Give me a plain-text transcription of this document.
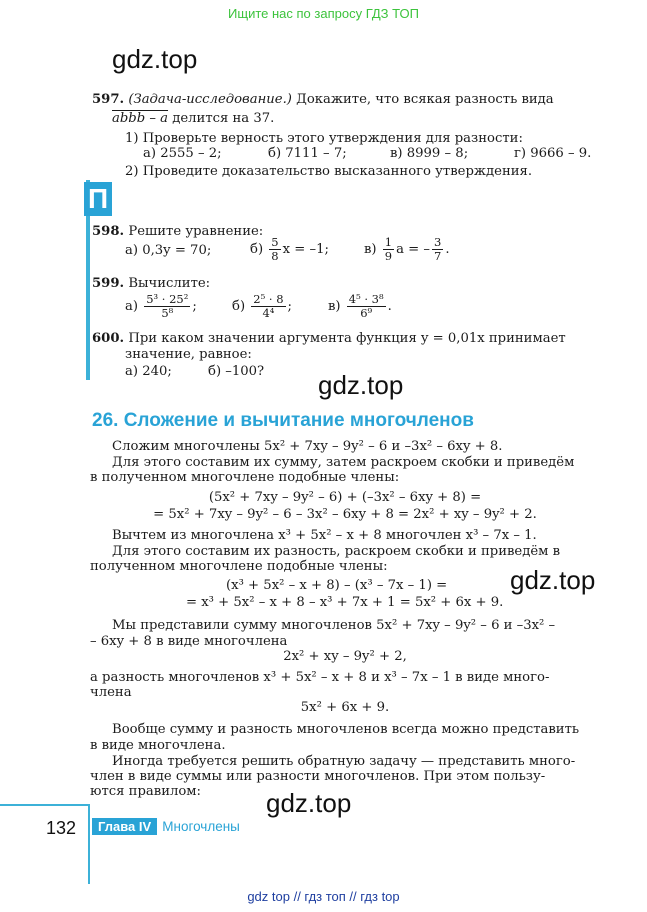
Ищите нас по запросу ГДЗ ТОП
gdz.top
597. (Задача-исследование.) Докажите, что всякая разность вида
abbb – a делится на 37.
1) Проверьте верность этого утверждения для разности:
а) 2555 – 2;	б) 7111 – 7;	в) 8999 – 8;	г) 9666 – 9.
2) Проведите доказательство высказанного утверждения.
П
598. Решите уравнение:
а) 0,3y = 70;	$б) \frac{5}{8}$ x = –1;	$в) \frac{1}{9}$ a = – $\frac{3}{7}$ .
599. Вычислите:
$а) \frac{\text{5³ · 25²}}{\text{5⁸}}$ ;	$б) \frac{\text{2⁵ · 8}}{\text{4⁴}}$ ;	$в) \frac{\text{4⁵ · 3⁸}}{\text{6⁹}}$ .
600. При каком значении аргумента функция y = 0,01x принимает
значение, равное:
а) 240;	б) –100? gdz.top
26. Сложение и вычитание многочленов
Сложим многочлены 5x² + 7xy – 9y² – 6 и –3x² – 6xy + 8.
Для этого составим их сумму, затем раскроем скобки и приведём
в полученном многочлене подобные члены:
(5x² + 7xy – 9y² – 6) + (–3x² – 6xy + 8) =
= 5x² + 7xy – 9y² – 6 – 3x² – 6xy + 8 = 2x² + xy – 9y² + 2.
Вычтем из многочлена x³ + 5x² – x + 8 многочлен x³ – 7x – 1.
Для этого составим их разность, раскроем скобки и приведём в
полученном многочлене подобные члены:
(x³ + 5x² – x + 8) – (x³ – 7x – 1) =
= x³ + 5x² – x + 8 – x³ + 7x + 1 = 5x² + 6x + 9.
gdz.top
Мы представили сумму многочленов 5x² + 7xy – 9y² – 6 и –3x² –
– 6xy + 8 в виде многочлена
2x² + xy – 9y² + 2,
а разность многочленов x³ + 5x² – x + 8 и x³ – 7x – 1 в виде много-
члена
5x² + 6x + 9.
Вообще сумму и разность многочленов всегда можно представить
в виде многочлена.
Иногда требуется решить обратную задачу — представить много-
член в виде суммы или разности многочленов. При этом пользу-
ются правилом:	gdz.top
132	Глава IV Многочлены
gdz top // гдз топ // гдз top
